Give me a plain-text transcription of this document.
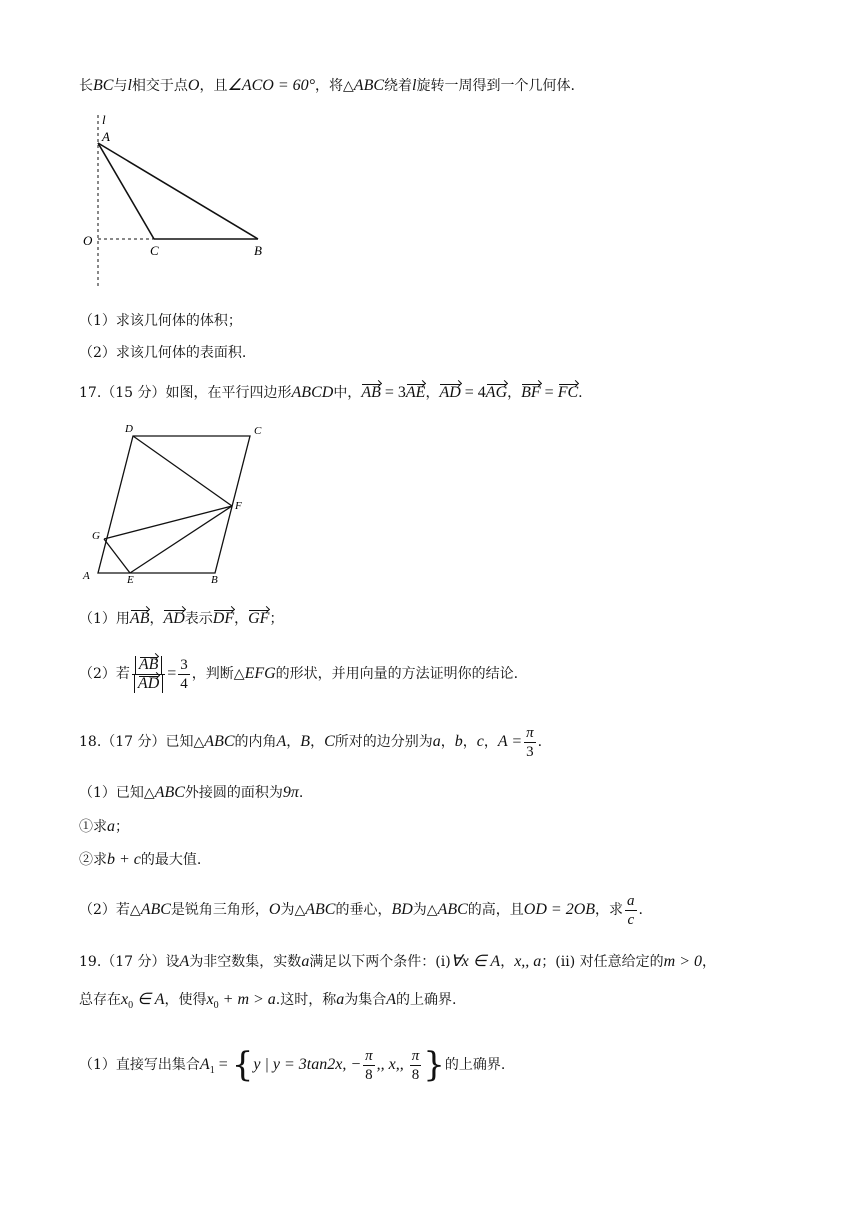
长BC与l相交于点O，且∠ACO = 60°，将△ABC绕着l旋转一周得到一个几何体.
l
A
O
C	B
（1）求该几何体的体积；
（2）求该几何体的表面积.
17.（15 分）如图，在平行四边形ABCD中，AB = 3AE，AD = 4AG，BF = FC.
D	C
F
G
A	E	B
（1）用AB，AD表示DF，GF；
（2）若 $\frac{AB}{AD} = \frac{3}{4}$ ，判断△EFG的形状，并用向量的方法证明你的结论.
18.（17 分）已知△ABC的内角A，B，C所对的边分别为a，b，c，$A = \frac{\pi}{3}$ .
（1）已知△ABC外接圆的面积为9π.
①求a；
②求b + c的最大值.
（2）若△ABC是锐角三角形，O为△ABC的垂心，BD为△ABC的高，且OD = 2OB，求 $\frac{a}{c}$ .
19.（17 分）设A为非空数集，实数a满足以下两个条件：(ⅰ)∀x ∈ A，x,, a；(ⅱ) 对任意给定的m > 0，
总存在$x_0$ ∈ A，使得$x_0 + m > a$.这时，称a为集合A的上确界.
（1）直接写出集合$A_1 = \{y$ | y = 3tan2x, − $\frac{\pi}{8}$ ,, x,, $\frac{\pi}{8}$ }的上确界.
